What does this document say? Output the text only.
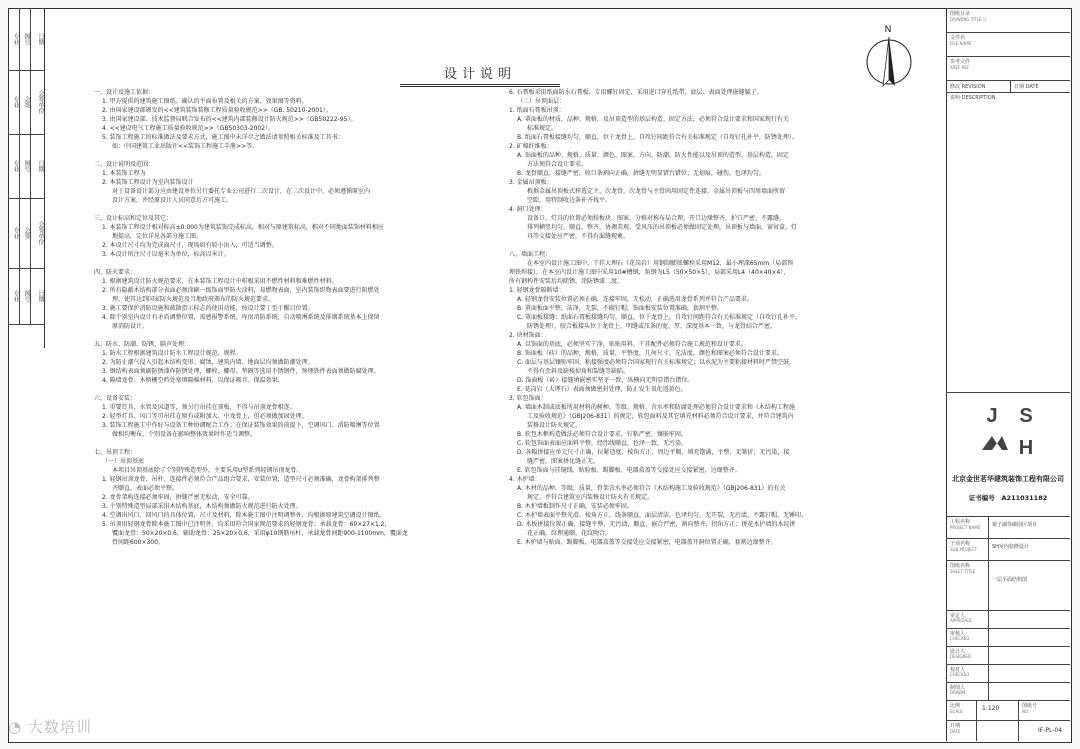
专业 图号	日期
专业 会签	会签单位
专业 图号	日期
专业 会签	会签单位
专业 图号	日期
N
设计说明
一、设计及施工依据：
1. 甲方提供的建筑施工图纸、确认的平面布置及相关的方案、效果图等资料。
2. 由国家建设部颁发的<<建筑装饰装修工程质量验收规范>>（GB. 50210-2001）。
3. 由国家建设部、技术监督局联合发布的<<建筑内部装修设计防火规范>>（GB50222-95）。
4. <<建设电气工程施工质量验收规范>>（GB50303-2002）。
5. 装饰工程施工的标准做法及要求方式，施工图中未详尽之做法请参照相关标准及工具书：
如：中国建筑工业出版社<<装饰工程施工手册>>等。
二、设计说明及范围：
1. 本装饰工程为
2. 本装饰工程设计为室内装饰设计
对于设备设计部分应由建设单位另行委托专业公司进行二次设计，在二次设计中，必须遵循原室内
设计方案，并经原设计人员同意后方可施工。
三、设计标高和定位及其它：
1. 本装饰工程设计相对标高±0.000为建筑装饰完成标高，相对与原建筑标高，相对不同地面装饰材料相应
地提高，定位详见各部分施工图。
2. 本设计尺寸均为完成面尺寸，现场如有较小出入，可适当调整。
3. 本设计所注尺寸以毫米为单位，标高以米计。
四、防火要求：
1. 根据建筑设计防火规范要求，在本装饰工程设计中积极采用不燃性材料和难燃性材料。
2. 所有隐蔽木结构部分表面必须涂刷一级饰面型防火涂料，易燃物表面，室内装饰织物表面要进行阻燃处
理，使其达到国家防火规范及当地政府颁布的防火规范要求。
3. 施工要保护消防设施和疏散指示标志的使用功能，按设计要丁至于醒目位置。
4. 除个别室内设计有矛盾调整位置，需感报警系统、库房消防系统、自动喷淋系统及排烟系统基本上保留
原消防设计。
五、防水、防潮、防锈、隔声处理：
1. 防水工程根据建筑设计防水工程设计规范、规程。
2. 为防止潮气侵入引起木结构变形、腐蚀，建筑内墙、地面层均须做防潮处理。
3. 钢结构表面须刷防锈漆作防锈处理，螺栓、螺母、垫圈等选用不锈钢件，预埋铁件表面须做防腐处理。
4. 隔墙龙骨、木格栅空档处塞填隔棉材料，以保证吸音、保温效果。
六、设备安装：
1. 重要灯具、水管及风道等，须另行吊挂在顶板，不得与吊顶龙骨相连。
2. 轻型灯具、风口等可吊挂在原有或附加大、中龙骨上，但必须做加固处理。
3. 装饰工程施工中作好与设备工种协调配合工作；在保证装饰效果的前提下，空调风口、消防喷淋等位置
做相均衡布，个别设备在影响整体效果时作适当调整。
七、吊顶工程：
（一）吊顶基底
本项目吊顶基底除了个别特殊造型外，主要采用U型系列轻钢吊顶龙骨。
1. 轻钢吊顶龙骨，吊杆、连接件必须符合产品组合要求，安装位置，造型尺寸必须准确，龙骨构架排列整
齐顺直，表面必须平整。
2. 龙骨架构连接必须牢固，拼缝严密无松动，安全可靠。
3. 个别特殊造型局部采用木结构基底，木结构须做防火规范进行防火处理。
4. 空调出风口，回风口的具体位置，尺寸及材料，除本施工图中注明调整外，均根据原建筑空调设计图纸。
5. 吊顶用轻钢龙骨除本施工图中已注明外，均采用符合国家规范要求的轻钢龙骨；承载龙骨：60×27×1.2，
覆面龙骨：50×20×0.6，辅助龙骨：25×20×0.6，采用φ10钢筋吊杆，承载龙骨间距900-1100mm，覆面龙
骨间距600×300。
6. 石膏板采用纸面防水石膏板，专用螺钉固定，采用进口穿孔纸带，底层、表面处理嵌缝腻子。
（二）吊顶面层：
1. 纸面石膏板吊顶：
A. 罩面板的材质、品种、规格、及吊顶造型的基层构造、固定方法，必须符合设计要求和国家现行有关
标准规定。
B. 纸面石膏板接缝均匀，顺直，位于龙骨上，自攻钉间距符合有关标准规定（自攻钉孔补平，防锈处理）。
2. 矿棉纤维板：
A. 饰面板的品种、规格、质量、颜色、图案、方向、防潮、防火性能以及吊顶的造型、基层构造，固定
方法须符合设计要求。
B. 龙骨顺直，接缝严密，收口条割向正确，拼缝无明显错台错位；无划痕，碰伤，色泽均匀。
3. 金属吊顶板：
根据金属吊顶板式样选定主、次龙骨，次龙骨与主骨间用固定件连接，金属吊顶板与四周墙面所留
空隙，用特制收边条补齐找平。
4. 洞口处理：
设备口、灯具的位置必须按板块、图案、分格对称布局合理，开口边缘整齐，护口严密，不露缝，
排列横竖均匀，顺直，整齐，协调美观。受风压的吊顶板必须做固定处理，吊顶板与墙面，窗帘盒，灯
具等交接处应严密，不得有漏缝现象。
八、墙面工程：
在本室内设计施工图中，干挂大理石（花岗岩）用钢制膨胀螺栓采用M12，最小埋深65mm（局部预
埋铁焊接），在本室内设计施工图中采用10#槽钢，角钢为L5（50×50×5），局部采用L4（40×40×4），
所有钢构件安装后均除锈，涂防锈漆二度。
1. 轻钢龙骨隔断墙：
A. 轻钢龙骨安装位置必须正确，连接牢固，无松动，正确选用龙骨系列并符合产品要求。
B. 罩面板面平整，洁净，无裂，不碳钉帽，饰面板安装位置准确，套割平整。
C. 罩面板接缝：纸面石膏板接缝均匀，顺直，位于龙骨上，自攻钉间距符合有关标准规定（自攻钉孔补平，
防锈处理），胶合板接头位于龙骨上，明缝或压条的宽，厚、深度基本一致，与龙骨结合严密。
2. 块材饰面：
A. 以饰面的基底，必须坚实干净，贴贴用料，干挂配件必须符合施工规范和设计要求。
B. 饰面板（砖）的品种，规格，质量，平整度，几何尺寸，光洁度，颜色和图案必须符合设计要求。
C. 面层与基层镶贴牢固，粘接强度必须符合国家现行有关标准规定；以水泥为主要粘接材料时严禁空鼓，
不得有歪斜及缺棱掉角和裂缝等缺陷。
D. 饰面板（砖）接缝填嵌密实坚平一致，纵横向无明显错台错位。
E. 花岗岩（大理石）表面须做密封处理，防止发生氧化返黄色。
3. 软包饰面：
A. 墙面木制或底板所用材料的树种、等级、规格、含水率和防腐处理必须符合设计要求和《木结构工程施
工及验收规范》（GBJ206-831）的规定，软包面料及其它填充材料必须符合设计要求，并符合建筑内
装修设计防火规定。
B. 软包木框构造做法必须符合设计要求，钉粘严密，镶嵌牢固。
C. 软包饰面表面应面料平整，经纬线顺直，色泽一致，无污染。
D. 各幅拼接应单元尺寸正确，拉紧适度，棱角方正，周边平顺，填充饱满，平整，无皱折，无污染，接
缝严密，图案拼化缝正无。
E. 软包饰面与挂镜线、贴脸板、踢脚板、电器盒盖等交接处应交接紧密，边缘整齐。
4. 木护墙：
A. 木材的品种，等级，质量，骨架含水率必须符合《木结构施工及验收规范》（GBJ206-831）的有关
规定，并符合建筑室内装修设计防火有关规定。
B. 木护墙板制作尺寸正确，安装必须牢固。
C. 木护墙表面平整光滑，棱角方正，线条顺直，面层清洁，色泽均匀，无开裂，无污渍，不露钉帽，无锤印。
D. 木板拼接位置正确，接缝平整，无污渍，顺直，嵌合严密，割向整齐，拐角方正；拼花木护墙的木纹拼
花正确，纹理通顺，花纹吻合。
E. 木护墙与贴面、踢脚板、电器盒盖等交接处应交接紧密，电器盖开洞位置正确，套割边缘整齐。
图纸目录
DRAWING TITLE 号
文件名
FILE NAME
参考文件
XREF REF
修改 REVISION	日期 DATE
说明 DESCRIPTION
工程名称
PROJECT NAME 栗子湖等碳园区项目
子项名称
SUB PROJECT	SH室内装修设计
图纸名称
SHEET TITLE
一层平面结构图
审定人
APPROVED
审核人
CHECKED
设计人
DESIGNED
校对人
CHECKED
制图人
DRAWN
比例
SCALE	1:120	图纸号
NO.
日期
DATE	IF-PL-04
J S
H
北京金世茗华建筑装饰工程有限公司
证书编号 A211031182
◔ 大数培训
